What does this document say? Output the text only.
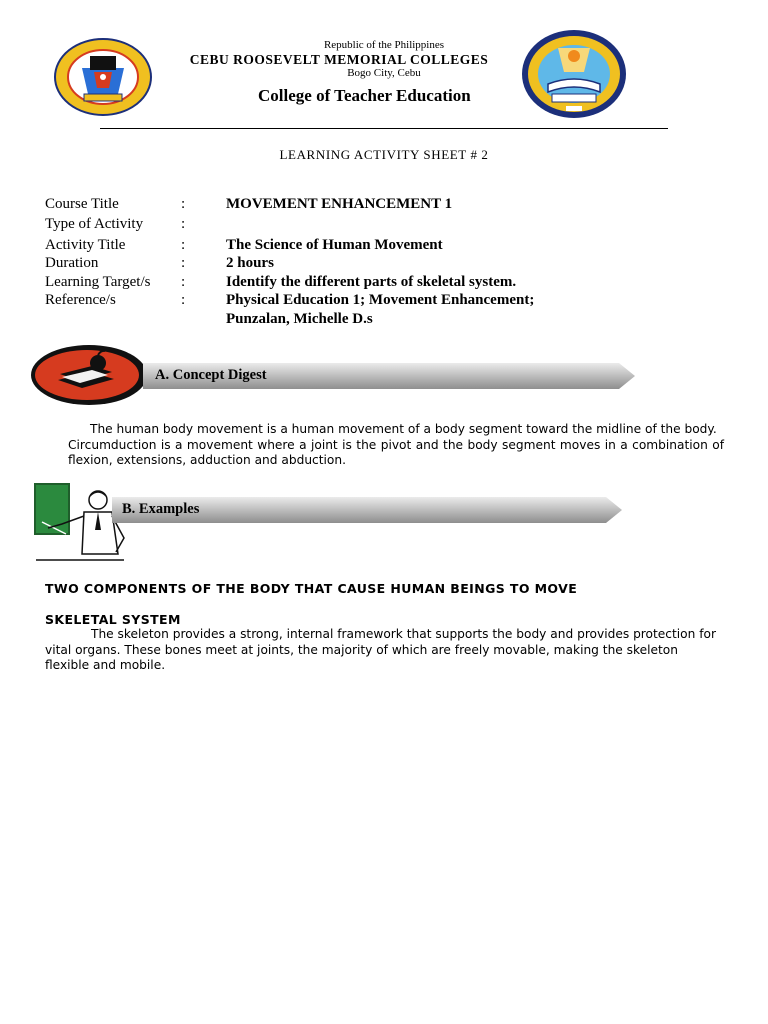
Republic of the Philippines
CEBU ROOSEVELT MEMORIAL COLLEGES
Bogo City, Cebu
College of Teacher Education
LEARNING ACTIVITY SHEET # 2
Course Title	:	MOVEMENT ENHANCEMENT 1
Type of Activity	:
Activity Title	:	The Science of Human Movement
Duration	:	2 hours
Learning Target/s :	Identify the different parts of skeletal system.
Reference/s	:	Physical Education 1; Movement Enhancement;
Punzalan, Michelle D.s
A. Concept Digest
The human body movement is a human movement of a body segment toward the midline of the body.
Circumduction is a movement where a joint is the pivot and the body segment moves in a combination of flexion, extensions, adduction and abduction.
B. Examples
TWO COMPONENTS OF THE BODY THAT CAUSE HUMAN BEINGS TO MOVE
SKELETAL SYSTEM
The skeleton provides a strong, internal framework that supports the body and provides protection for vital organs. These bones meet at joints, the majority of which are freely movable, making the skeleton flexible and mobile.
